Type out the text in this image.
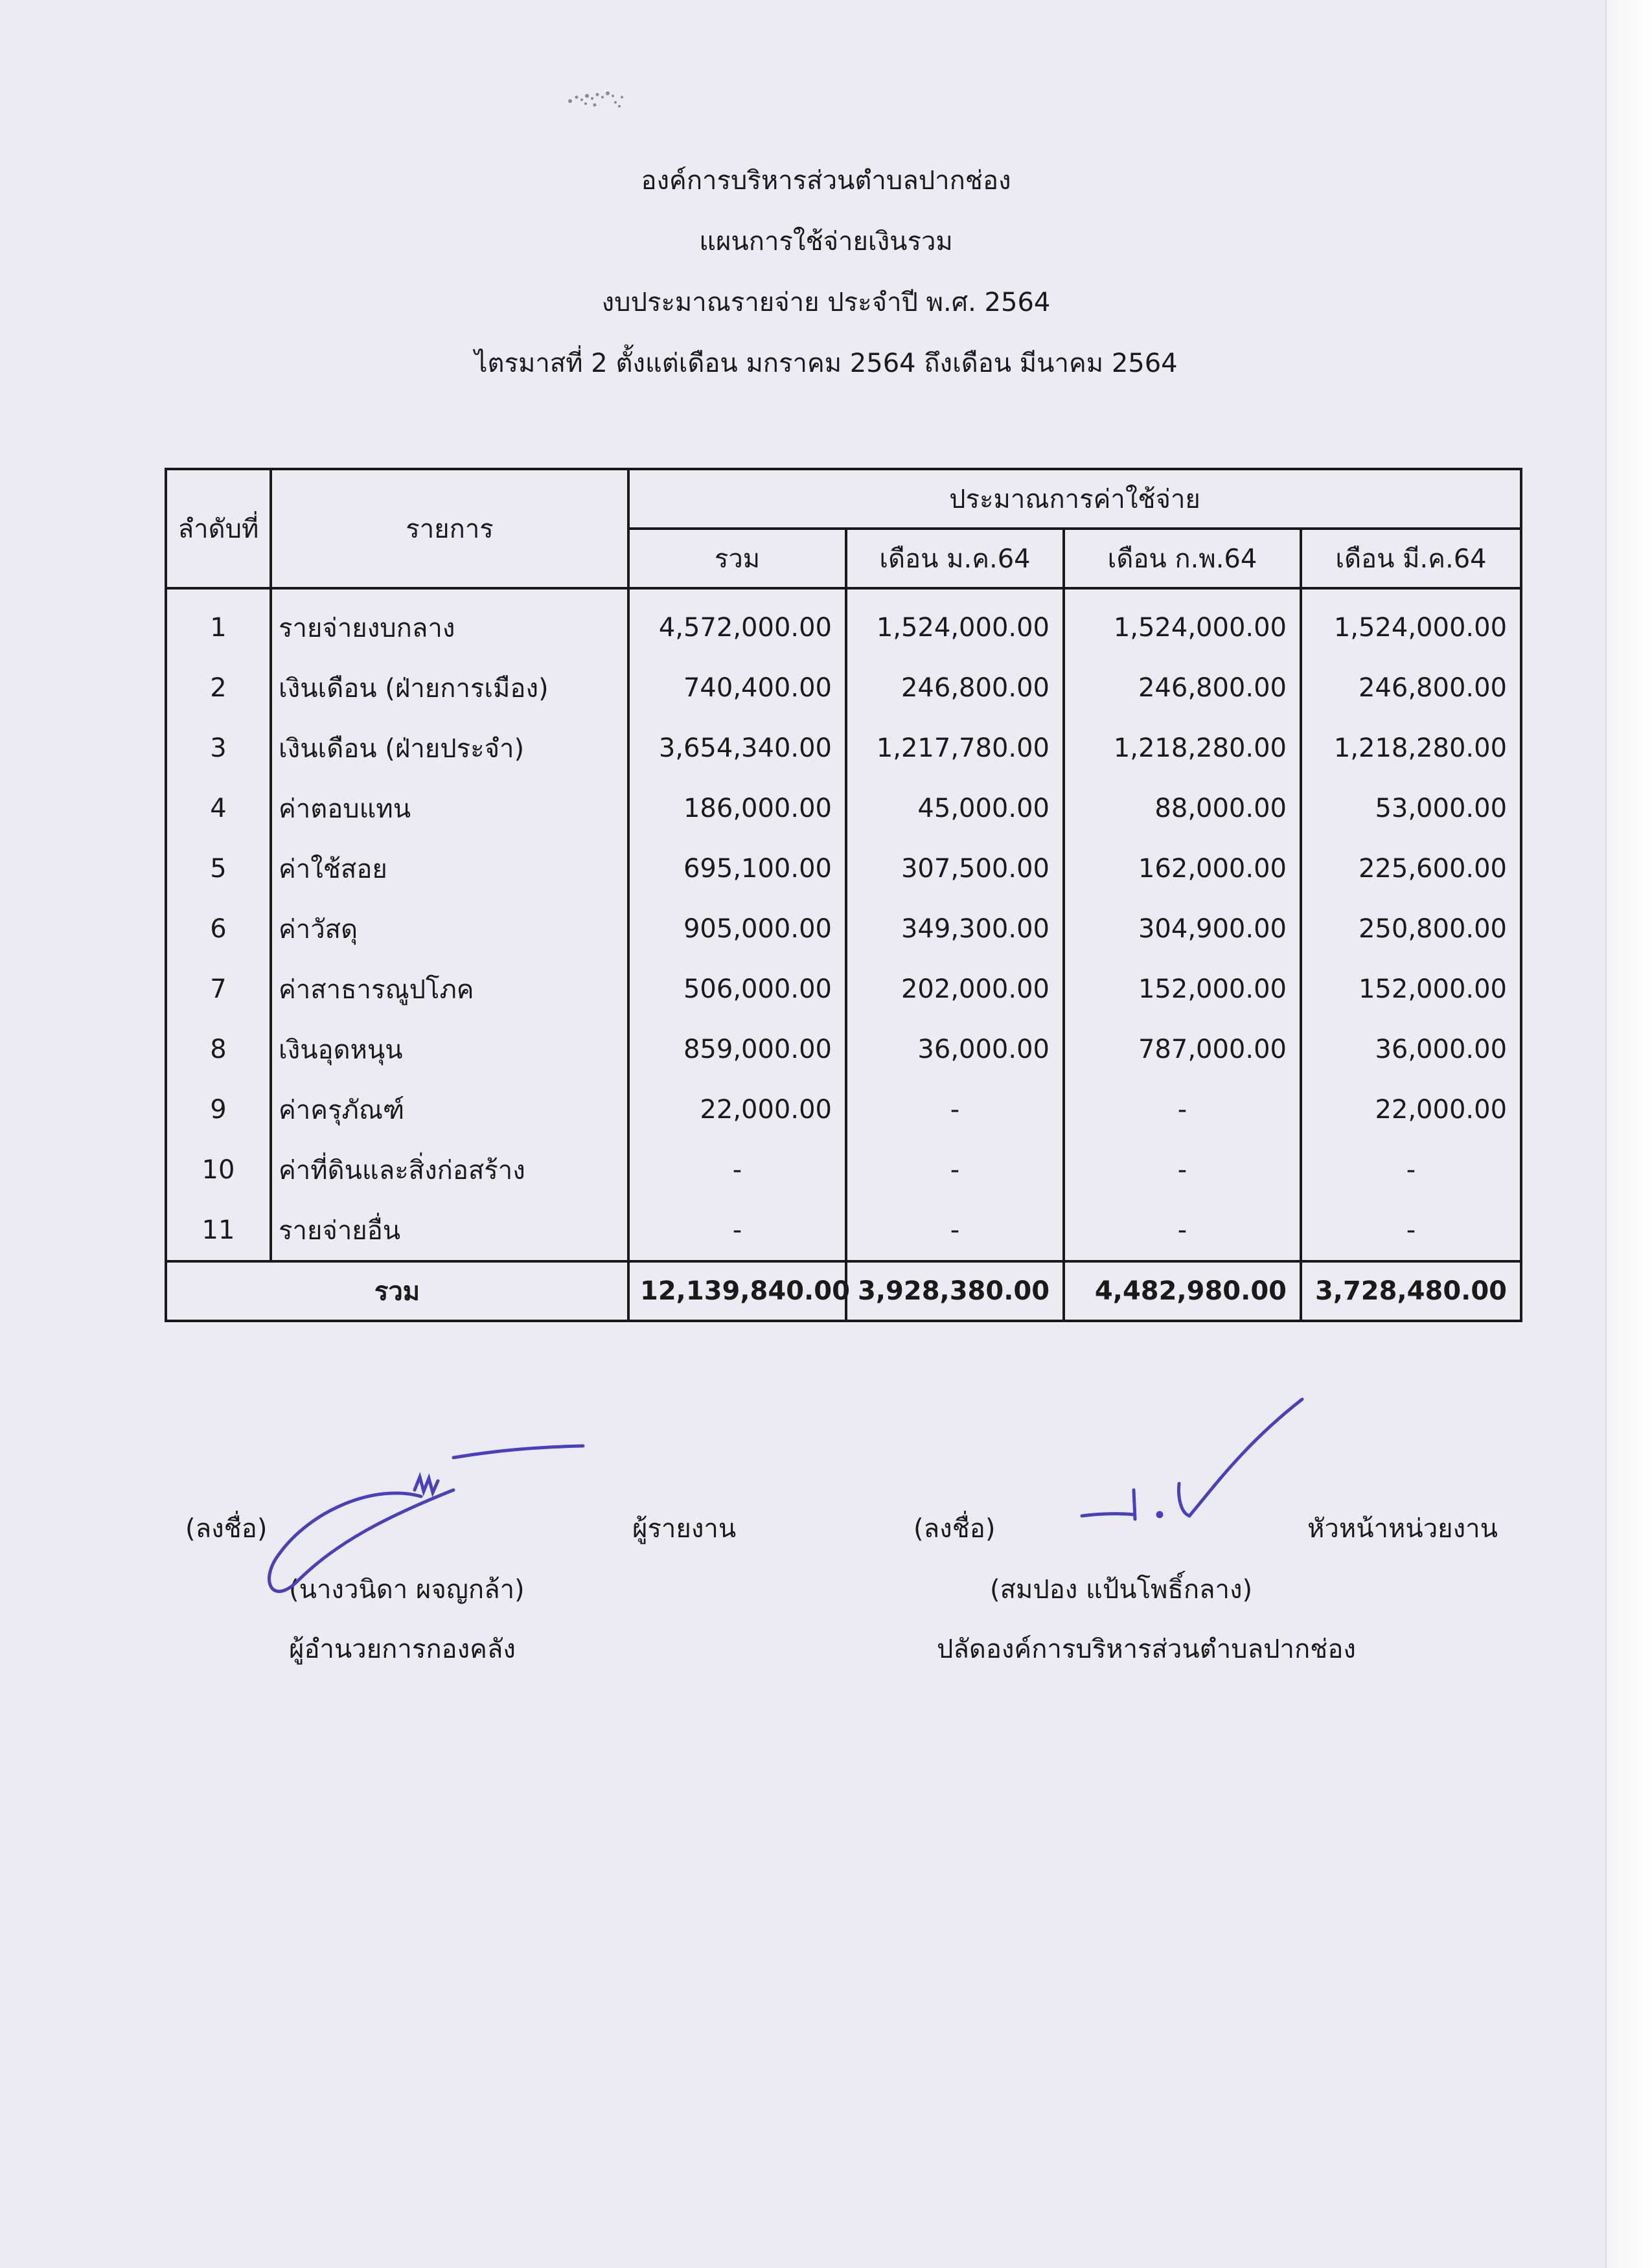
องค์การบริหารส่วนตำบลปากช่อง
แผนการใช้จ่ายเงินรวม
งบประมาณรายจ่าย ประจำปี พ.ศ. 2564
ไตรมาสที่ 2 ตั้งแต่เดือน มกราคม 2564 ถึงเดือน มีนาคม 2564
ลำดับที่	รายการ	ประมาณการค่าใช้จ่าย			
		รวม	เดือน ม.ค.64	เดือน ก.พ.64	เดือน มี.ค.64
1	รายจ่ายงบกลาง	4,572,000.00	1,524,000.00	1,524,000.00	1,524,000.00
2	เงินเดือน (ฝ่ายการเมือง)	740,400.00	246,800.00	246,800.00	246,800.00
3	เงินเดือน (ฝ่ายประจำ)	3,654,340.00	1,217,780.00	1,218,280.00	1,218,280.00
4	ค่าตอบแทน	186,000.00	45,000.00	88,000.00	53,000.00
5	ค่าใช้สอย	695,100.00	307,500.00	162,000.00	225,600.00
6	ค่าวัสดุ	905,000.00	349,300.00	304,900.00	250,800.00
7	ค่าสาธารณูปโภค	506,000.00	202,000.00	152,000.00	152,000.00
8	เงินอุดหนุน	859,000.00	36,000.00	787,000.00	36,000.00
9	ค่าครุภัณฑ์	22,000.00	-	-	22,000.00
10	ค่าที่ดินและสิ่งก่อสร้าง	-	-	-	-
11	รายจ่ายอื่น	-	-	-	-
รวม		12,139,840.00	3,928,380.00	4,482,980.00	3,728,480.00
(ลงชื่อ)	ผู้รายงาน
(นางวนิดา ผจญกล้า)
ผู้อำนวยการกองคลัง
(ลงชื่อ)	หัวหน้าหน่วยงาน
(สมปอง แป้นโพธิ์กลาง)
ปลัดองค์การบริหารส่วนตำบลปากช่อง
